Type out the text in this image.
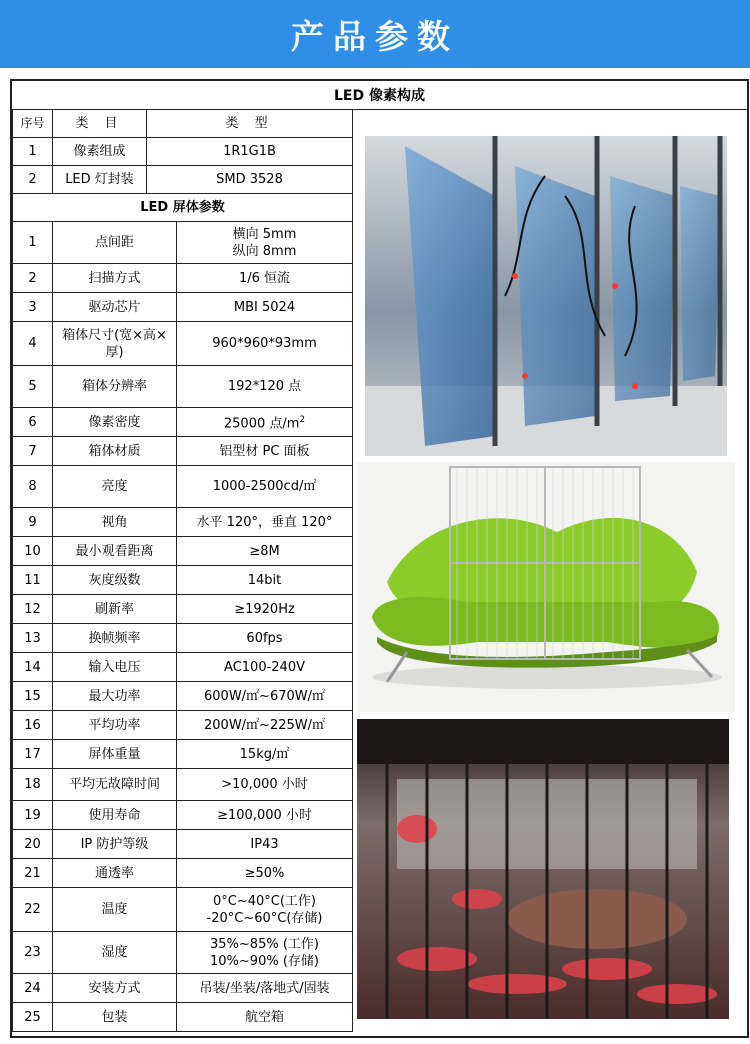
产品参数
LED 像素构成
序号	类 目	类 型	
1	像素组成	1R1G1B	
2	LED 灯封装	SMD 3528	
LED 屏体参数			
1	点间距		横向 5mm
纵向 8mm
2	扫描方式		1/6 恒流
3	驱动芯片		MBI 5024
4	箱体尺寸(宽×高×
厚)		960*960*93mm
5	箱体分辨率		192*120 点
6	像素密度		25000 点$/m^2$
7	箱体材质		铝型材 PC 面板
8	亮度		1000-2500cd/㎡
9	视角		水平 120°，垂直 120°
10	最小观看距离		≥8M
11	灰度级数		14bit
12	刷新率		≥1920Hz
13	换帧频率		60fps
14	输入电压		AC100-240V
15	最大功率		600W/㎡~670W/㎡
16	平均功率		200W/㎡~225W/㎡
17	屏体重量		15kg/㎡
18	平均无故障时间		>10,000 小时
19	使用寿命		≥100,000 小时
20	IP 防护等级		IP43
21	通透率		≥50%
22	温度		0°C~40°C(工作)
-20°C~60°C(存储)
23	湿度		35%~85% (工作)
10%~90% (存储)
24	安装方式		吊装/坐装/落地式/固装
25	包装		航空箱
